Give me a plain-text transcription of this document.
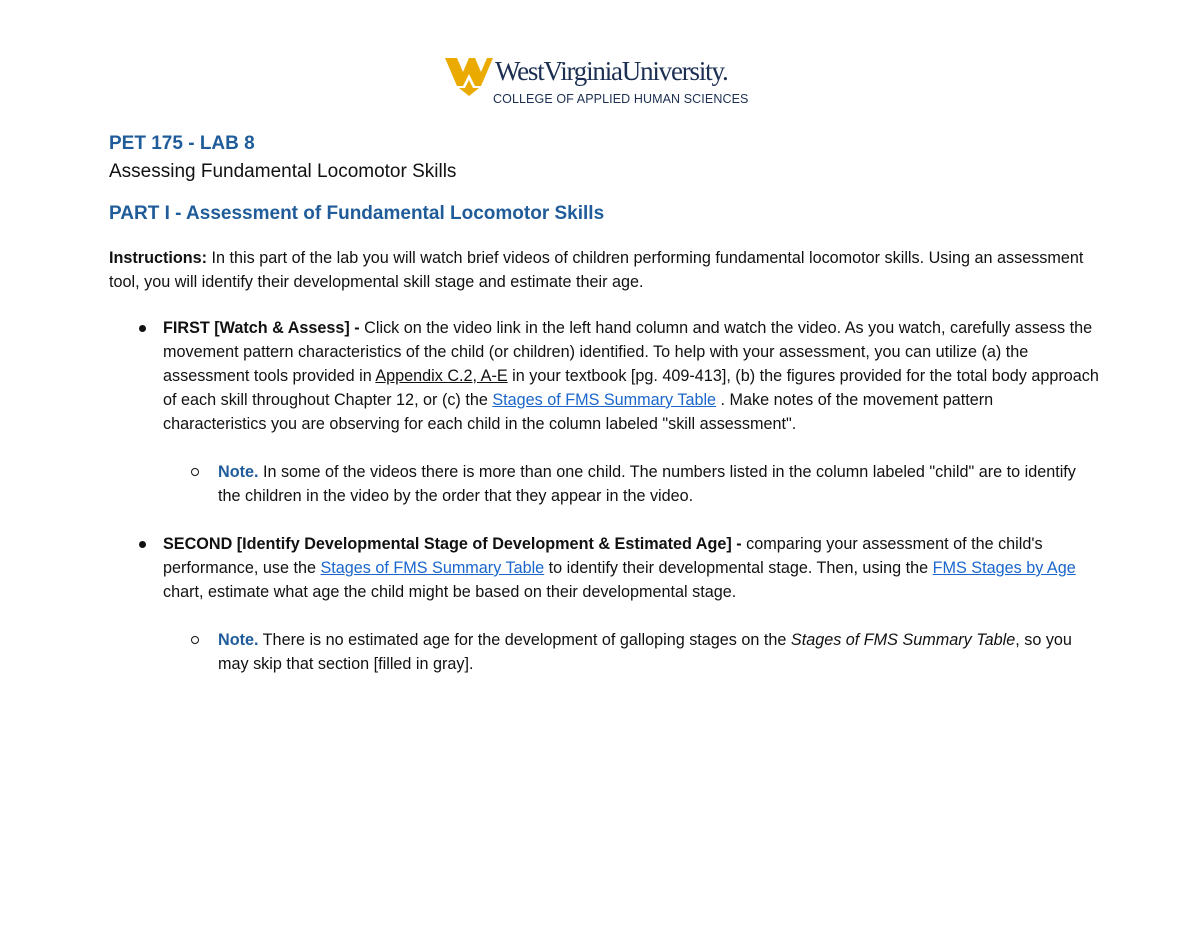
WestVirginiaUniversity.
COLLEGE OF APPLIED HUMAN SCIENCES

PET 175 - LAB 8

Assessing Fundamental Locomotor Skills

PART I - Assessment of Fundamental Locomotor Skills

Instructions: In this part of the lab you will watch brief videos of children performing fundamental locomotor skills. Using an assessment tool, you will identify their developmental skill stage and estimate their age.

FIRST [Watch & Assess] - Click on the video link in the left hand column and watch the video. As you watch, carefully assess the movement pattern characteristics of the child (or children) identified. To help with your assessment, you can utilize (a) the assessment tools provided in Appendix C.2, A-E in your textbook [pg. 409-413], (b) the figures provided for the total body approach of each skill throughout Chapter 12, or (c) the Stages of FMS Summary Table . Make notes of the movement pattern characteristics you are observing for each child in the column labeled "skill assessment".
Note. In some of the videos there is more than one child. The numbers listed in the column labeled "child" are to identify the children in the video by the order that they appear in the video.
SECOND [Identify Developmental Stage of Development & Estimated Age] - comparing your assessment of the child's performance, use the Stages of FMS Summary Table to identify their developmental stage. Then, using the FMS Stages by Age chart, estimate what age the child might be based on their developmental stage.
Note. There is no estimated age for the development of galloping stages on the Stages of FMS Summary Table, so you may skip that section [filled in gray].
